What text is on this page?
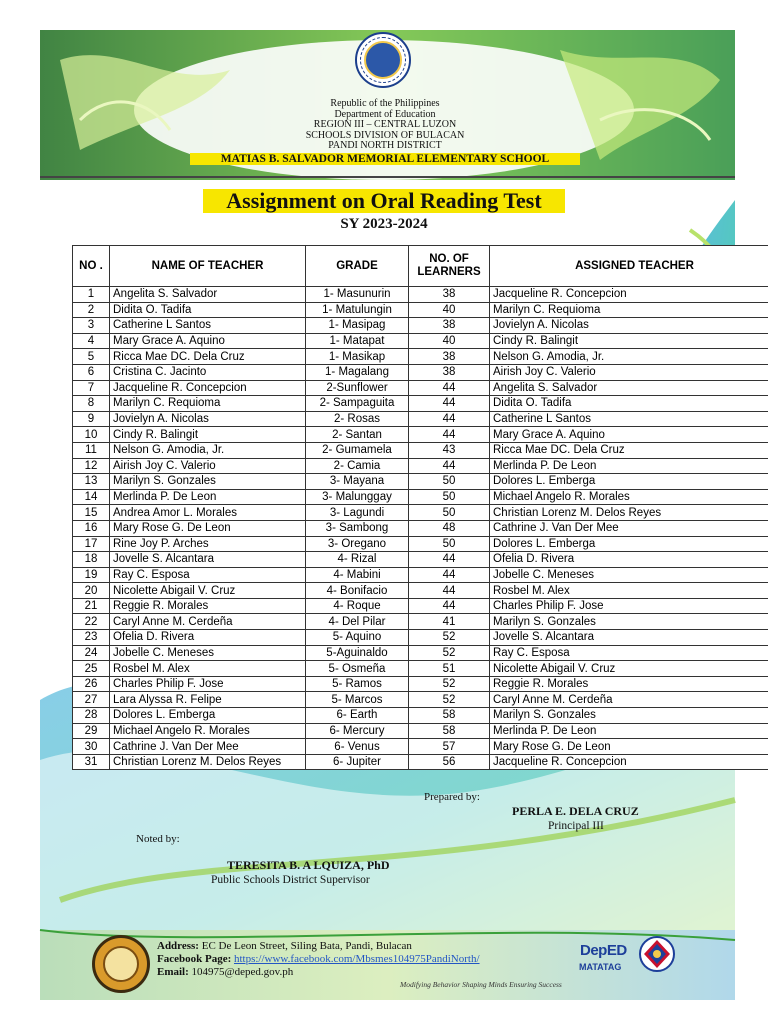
Republic of the Philippines
Department of Education
REGION III – CENTRAL LUZON
SCHOOLS DIVISION OF BULACAN
PANDI NORTH DISTRICT
MATIAS B. SALVADOR MEMORIAL ELEMENTARY SCHOOL
Assignment on Oral Reading Test
SY 2023-2024
NO .	NAME OF TEACHER	GRADE	NO. OF LEARNERS	ASSIGNED TEACHER
1	Angelita S. Salvador	1- Masunurin	38	Jacqueline R. Concepcion
2	Didita O. Tadifa	1- Matulungin	40	Marilyn C. Requioma
3	Catherine L Santos	1- Masipag	38	Jovielyn A. Nicolas
4	Mary Grace A. Aquino	1- Matapat	40	Cindy R. Balingit
5	Ricca Mae DC. Dela Cruz	1- Masikap	38	Nelson G. Amodia, Jr.
6	Cristina C. Jacinto	1- Magalang	38	Airish Joy C. Valerio
7	Jacqueline R. Concepcion	2-Sunflower	44	Angelita S. Salvador
8	Marilyn C. Requioma	2- Sampaguita	44	Didita O. Tadifa
9	Jovielyn A. Nicolas	2- Rosas	44	Catherine L Santos
10	Cindy R. Balingit	2- Santan	44	Mary Grace A. Aquino
11	Nelson G. Amodia, Jr.	2- Gumamela	43	Ricca Mae DC. Dela Cruz
12	Airish Joy C. Valerio	2- Camia	44	Merlinda P. De Leon
13	Marilyn S. Gonzales	3- Mayana	50	Dolores L. Emberga
14	Merlinda P. De Leon	3- Malunggay	50	Michael Angelo R. Morales
15	Andrea Amor L. Morales	3- Lagundi	50	Christian Lorenz M. Delos Reyes
16	Mary Rose G. De Leon	3- Sambong	48	Cathrine J. Van Der Mee
17	Rine Joy P. Arches	3- Oregano	50	Dolores L. Emberga
18	Jovelle S. Alcantara	4- Rizal	44	Ofelia D. Rivera
19	Ray C. Esposa	4- Mabini	44	Jobelle C. Meneses
20	Nicolette Abigail V. Cruz	4- Bonifacio	44	Rosbel M. Alex
21	Reggie R. Morales	4- Roque	44	Charles Philip F. Jose
22	Caryl Anne M. Cerdeña	4- Del Pilar	41	Marilyn S. Gonzales
23	Ofelia D. Rivera	5- Aquino	52	Jovelle S. Alcantara
24	Jobelle C. Meneses	5-Aguinaldo	52	Ray C. Esposa
25	Rosbel M. Alex	5- Osmeña	51	Nicolette Abigail V. Cruz
26	Charles Philip F. Jose	5- Ramos	52	Reggie R. Morales
27	Lara Alyssa R. Felipe	5- Marcos	52	Caryl Anne M. Cerdeña
28	Dolores L. Emberga	6- Earth	58	Marilyn S. Gonzales
29	Michael Angelo R. Morales	6- Mercury	58	Merlinda P. De Leon
30	Cathrine J. Van Der Mee	6- Venus	57	Mary Rose G. De Leon
31	Christian Lorenz M. Delos Reyes	6- Jupiter	56	Jacqueline R. Concepcion
Prepared by:
PERLA E. DELA CRUZ
Principal III
Noted by:
TERESITA B. A LQUIZA, PhD
Public Schools District Supervisor
Address: EC De Leon Street, Siling Bata, Pandi, Bulacan
Facebook Page: https://www.facebook.com/Mbsmes104975PandiNorth/
Email: 104975@deped.gov.ph
Modifying Behavior Shaping Minds Ensuring Success
DepED
MATATAG
